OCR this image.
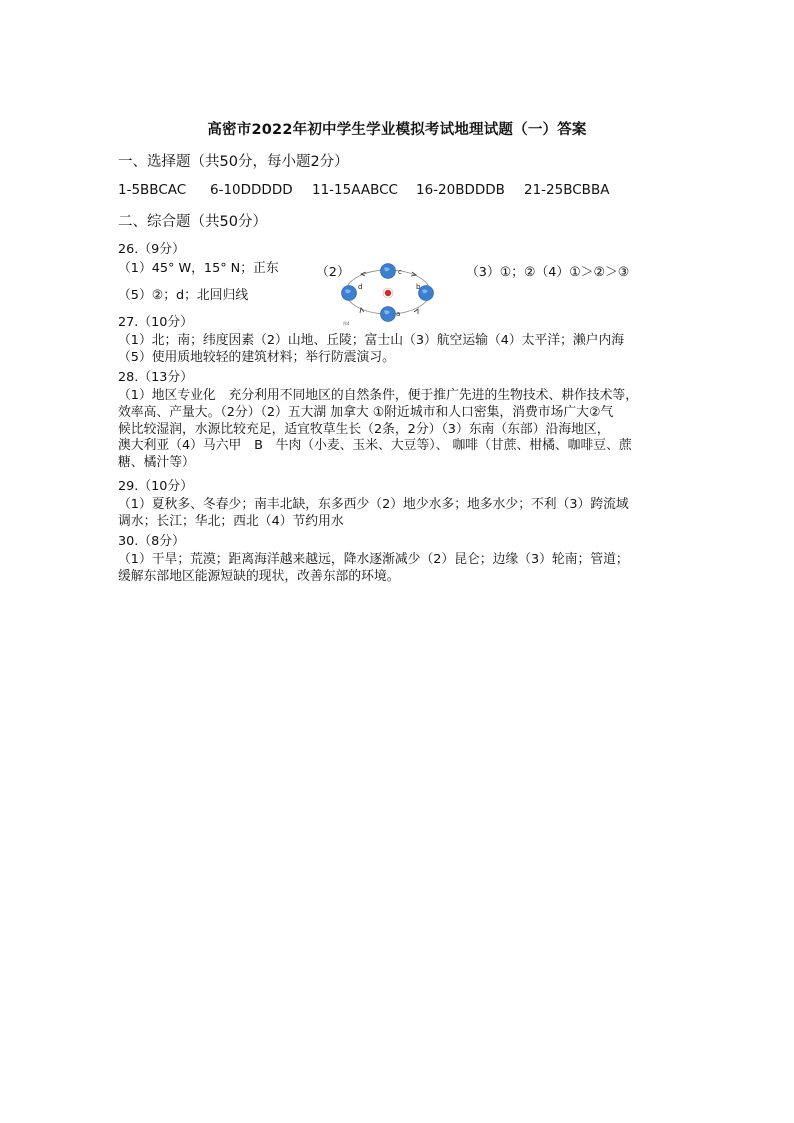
高密市2022年初中学生学业模拟考试地理试题（一）答案
一、选择题（共50分，每小题2分）
1-5BBCAC	6-10DDDDD	11-15AABCC	16-20BDDDB	21-25BCBBA
二、综合题（共50分）
26.（9分）
（1）45° W，15° N；正东	（2）	c
b
a
d
图4
（3）①；②（4）①＞②＞③
（5）②；d；北回归线
27.（10分）
（1）北；南；纬度因素（2）山地、丘陵；富士山（3）航空运输（4）太平洋；濑户内海
（5）使用质地较轻的建筑材料；举行防震演习。
28.（13分）
（1）地区专业化　充分利用不同地区的自然条件，便于推广先进的生物技术、耕作技术等，
效率高、产量大。（2分）（2）五大湖 加拿大 ①附近城市和人口密集，消费市场广大②气
候比较湿润，水源比较充足，适宜牧草生长（2条，2分）（3）东南（东部）沿海地区，
澳大利亚（4）马六甲　B　牛肉（小麦、玉米、大豆等）、 咖啡（甘蔗、柑橘、咖啡豆、蔗
糖、橘汁等）
29.（10分）
（1）夏秋多、冬春少；南丰北缺，东多西少（2）地少水多；地多水少；不利（3）跨流域
调水；长江；华北；西北（4）节约用水
30.（8分）
（1）干旱；荒漠；距离海洋越来越远，降水逐渐减少（2）昆仑；边缘（3）轮南；管道；
缓解东部地区能源短缺的现状，改善东部的环境。
